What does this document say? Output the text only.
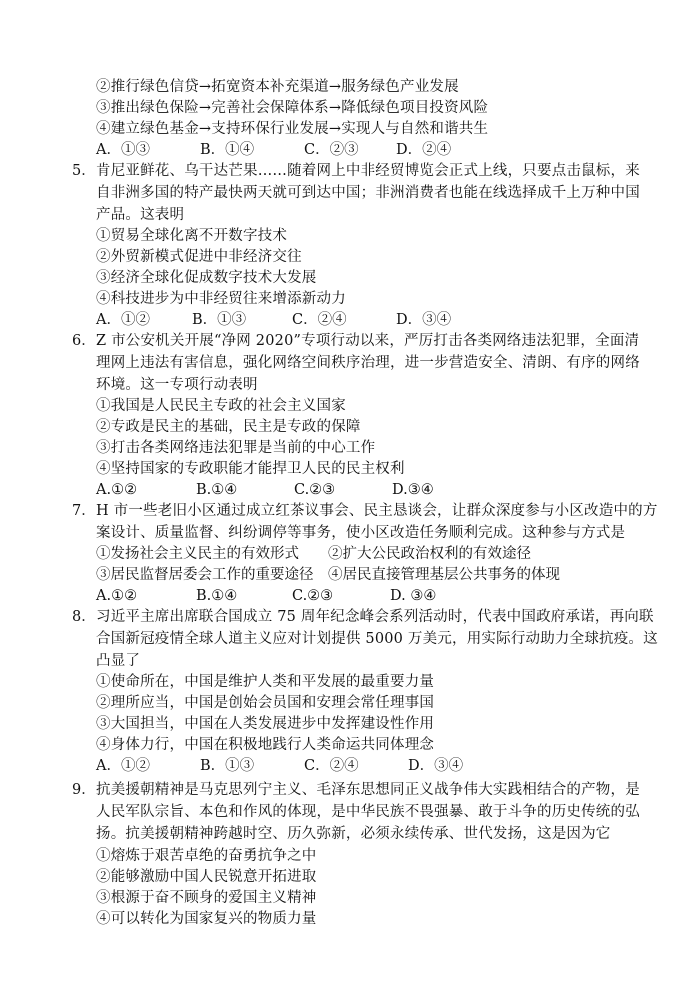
②推行绿色信贷→拓宽资本补充渠道→服务绿色产业发展
③推出绿色保险→完善社会保障体系→降低绿色项目投资风险
④建立绿色基金→支持环保行业发展→实现人与自然和谐共生
A．①③	B．①④	C．②③	D．②④
5． 肯尼亚鲜花、乌干达芒果……随着网上中非经贸博览会正式上线，只要点击鼠标，来
自非洲多国的特产最快两天就可到达中国；非洲消费者也能在线选择成千上万种中国
产品。这表明
①贸易全球化离不开数字技术
②外贸新模式促进中非经济交往
③经济全球化促成数字技术大发展
④科技进步为中非经贸往来增添新动力
A．①②	B．①③	C．②④	D．③④
6． Z 市公安机关开展“净网 2020”专项行动以来，严厉打击各类网络违法犯罪，全面清
理网上违法有害信息，强化网络空间秩序治理，进一步营造安全、清朗、有序的网络
环境。这一专项行动表明
①我国是人民民主专政的社会主义国家
②专政是民主的基础，民主是专政的保障
③打击各类网络违法犯罪是当前的中心工作
④坚持国家的专政职能才能捍卫人民的民主权利
A.①②	B.①④	C.②③	D.③④
7． H 市一些老旧小区通过成立红茶议事会、民主恳谈会，让群众深度参与小区改造中的方
案设计、质量监督、纠纷调停等事务，使小区改造任务顺利完成。这种参与方式是
①发扬社会主义民主的有效形式 ②扩大公民政治权利的有效途径
③居民监督居委会工作的重要途径 ④居民直接管理基层公共事务的体现
A.①②	B.①④	C.②③	D. ③④
8． 习近平主席出席联合国成立 75 周年纪念峰会系列活动时，代表中国政府承诺，再向联
合国新冠疫情全球人道主义应对计划提供 5000 万美元，用实际行动助力全球抗疫。这
凸显了
①使命所在，中国是维护人类和平发展的最重要力量
②理所应当，中国是创始会员国和安理会常任理事国
③大国担当，中国在人类发展进步中发挥建设性作用
④身体力行，中国在积极地践行人类命运共同体理念
A．①②	B．①③	C．②④	D．③④
9． 抗美援朝精神是马克思列宁主义、毛泽东思想同正义战争伟大实践相结合的产物，是
人民军队宗旨、本色和作风的体现，是中华民族不畏强暴、敢于斗争的历史传统的弘
扬。抗美援朝精神跨越时空、历久弥新，必须永续传承、世代发扬，这是因为它
①熔炼于艰苦卓绝的奋勇抗争之中
②能够激励中国人民锐意开拓进取
③根源于奋不顾身的爱国主义精神
④可以转化为国家复兴的物质力量
